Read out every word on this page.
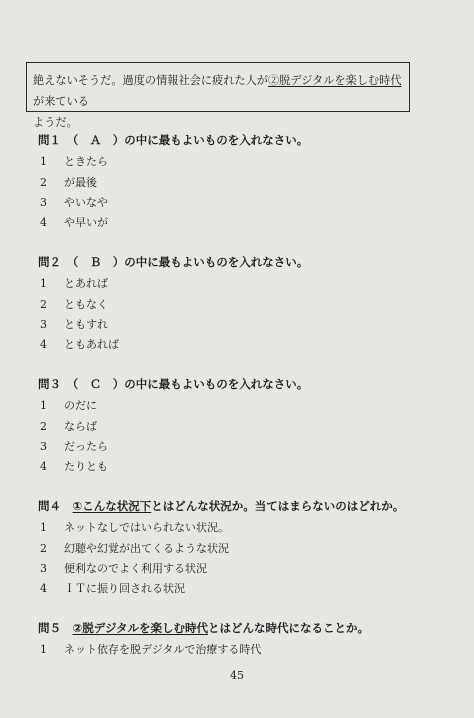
絶えないそうだ。過度の情報社会に疲れた人が②脱デジタルを楽しむ時代が来ている
ようだ。
問１　（　Ａ　）の中に最もよいものを入れなさい。
1 ときたら
2 が最後
3 やいなや
4 や早いが
問２　（　Ｂ　）の中に最もよいものを入れなさい。
1 とあれば
2 ともなく
3 ともすれ
4 ともあれば
問３　（　Ｃ　）の中に最もよいものを入れなさい。
1 のだに
2 ならば
3 だったら
4 たりとも
問４　①こんな状況下とはどんな状況か。当てはまらないのはどれか。
1 ネットなしではいられない状況。
2 幻聴や幻覚が出てくるような状況
3 便利なのでよく利用する状況
4 ＩＴに振り回される状況
問５　②脱デジタルを楽しむ時代とはどんな時代になることか。
1 ネット依存を脱デジタルで治療する時代
45
